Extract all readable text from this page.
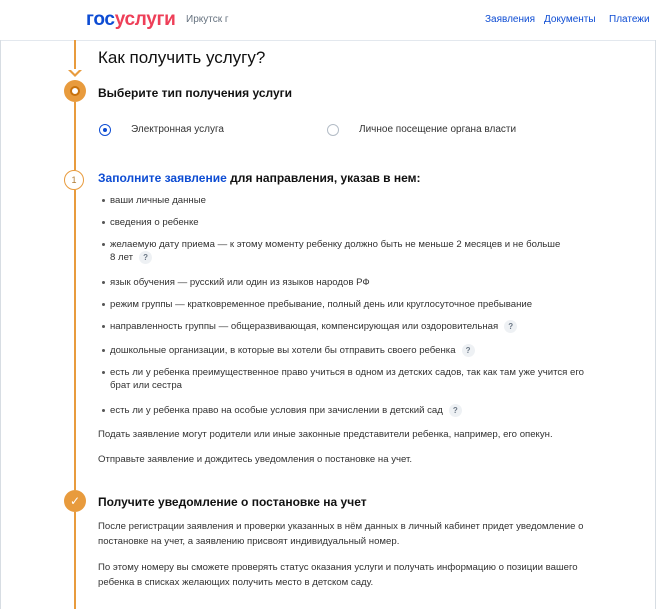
госуслуги Иркутск г	Заявления Документы Платежи
Как получить услугу?
Выберите тип получения услуги
Электронная услуга	Личное посещение органа власти
1	Заполните заявление для направления, указав в нем:
ваши личные данные
сведения о ребенке
желаемую дату приема — к этому моменту ребенку должно быть не меньше 2 месяцев и не больше
8 лет ?
язык обучения — русский или один из языков народов РФ
режим группы — кратковременное пребывание, полный день или круглосуточное пребывание
направленность группы — общеразвивающая, компенсирующая или оздоровительная ?
дошкольные организации, в которые вы хотели бы отправить своего ребенка ?
есть ли у ребенка преимущественное право учиться в одном из детских садов, так как там уже учится его
брат или сестра
есть ли у ребенка право на особые условия при зачислении в детский сад ?
Подать заявление могут родители или иные законные представители ребенка, например, его опекун.
Отправьте заявление и дождитесь уведомления о постановке на учет.
✓	Получите уведомление о постановке на учет
После регистрации заявления и проверки указанных в нём данных в личный кабинет придет уведомление о постановке на учет, а заявлению присвоят индивидуальный номер.
По этому номеру вы сможете проверять статус оказания услуги и получать информацию о позиции вашего ребенка в списках желающих получить место в детском саду.
